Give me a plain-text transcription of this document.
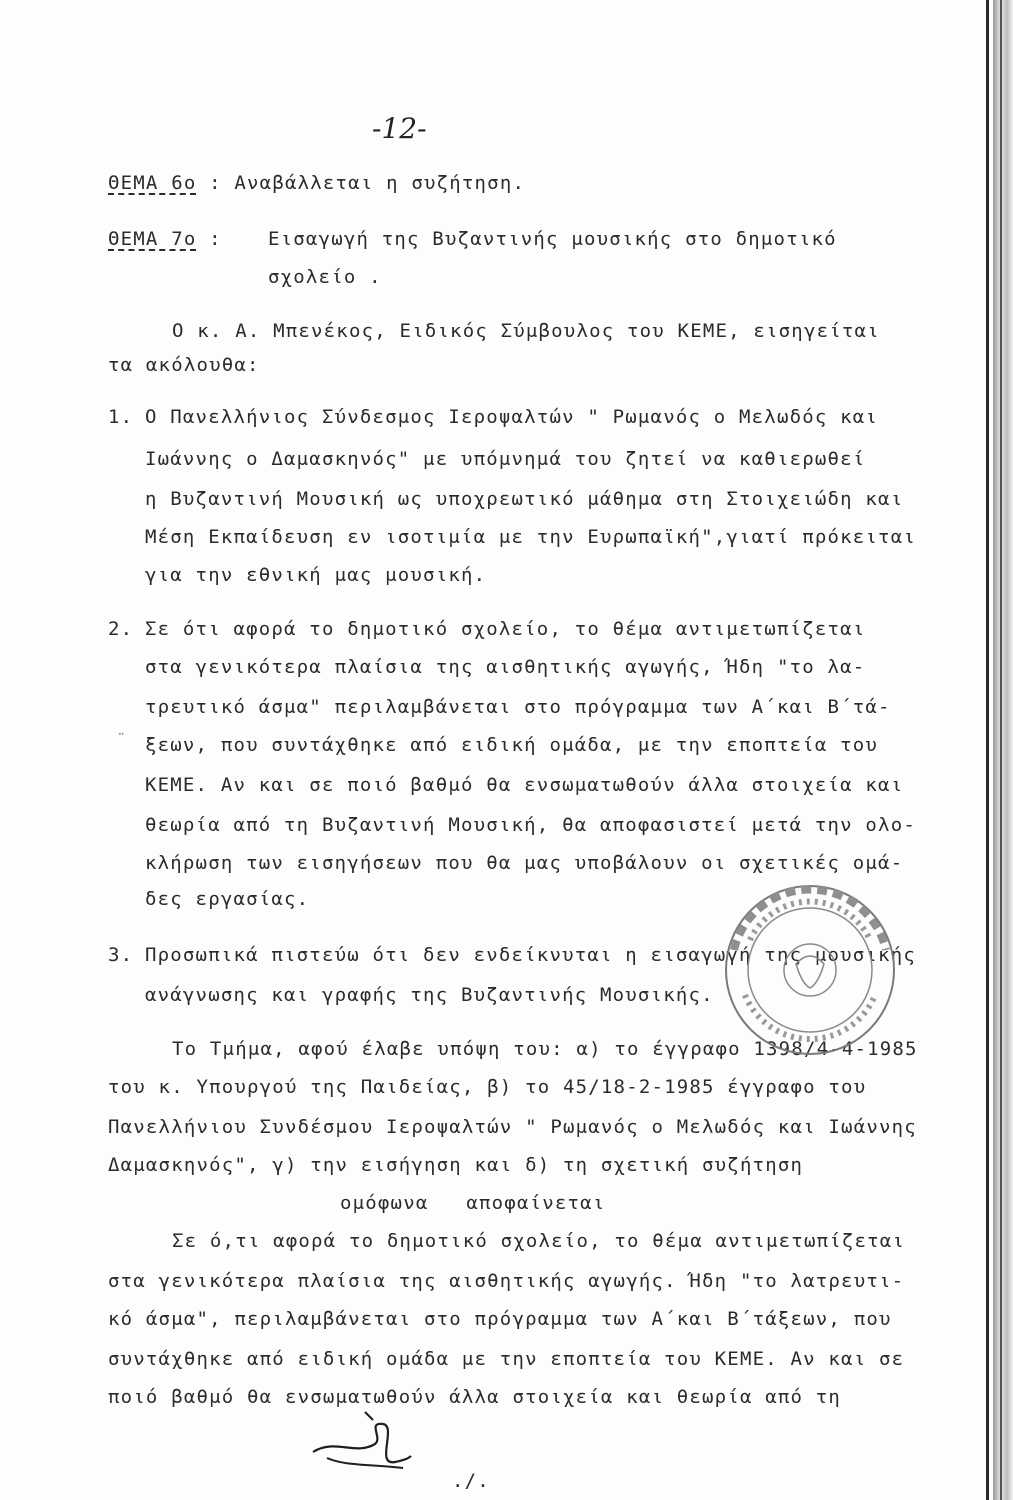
-12-
ΘΕΜΑ 6ο : Αναβάλλεται η συζήτηση.
ΘΕΜΑ 7ο : Εισαγωγή της Βυζαντινής μουσικής στο δημοτικό
σχολείο .
Ο κ. Α. Μπενέκος, Ειδικός Σύμβουλος του ΚΕΜΕ, εισηγείται
τα ακόλουθα:
1. Ο Πανελλήνιος Σύνδεσμος Ιεροψαλτών " Ρωμανός ο Μελωδός και
Ιωάννης ο Δαμασκηνός" με υπόμνημά του ζητεί να καθιερωθεί
η Βυζαντινή Μουσική ως υποχρεωτικό μάθημα στη Στοιχειώδη και
Μέση Εκπαίδευση εν ισοτιμία με την Ευρωπαϊκή",γιατί πρόκειται
για την εθνική μας μουσική.
2. Σε ότι αφορά το δημοτικό σχολείο, το θέμα αντιμετωπίζεται
στα γενικότερα πλαίσια της αισθητικής αγωγής, Ήδη "το λα-
τρευτικό άσμα" περιλαμβάνεται στο πρόγραμμα των Α΄και Β΄τά-
¨ ξεων, που συντάχθηκε από ειδική ομάδα, με την εποπτεία του
ΚΕΜΕ. Αν και σε ποιό βαθμό θα ενσωματωθούν άλλα στοιχεία και
θεωρία από τη Βυζαντινή Μουσική, θα αποφασιστεί μετά την ολο-
κλήρωση των εισηγήσεων που θα μας υποβάλουν οι σχετικές ομά-
δες εργασίας.
3. Προσωπικά πιστεύω ότι δεν ενδείκνυται η εισαγωγή της μουσικής
ανάγνωσης και γραφής της Βυζαντινής Μουσικής.
Το Τμήμα, αφού έλαβε υπόψη του: α) το έγγραφο 1398/4-4-1985
του κ. Υπουργού της Παιδείας, β) το 45/18-2-1985 έγγραφο του
Πανελλήνιου Συνδέσμου Ιεροψαλτών " Ρωμανός ο Μελωδός και Ιωάννης
Δαμασκηνός", γ) την εισήγηση και δ) τη σχετική συζήτηση
ομόφωνα   αποφαίνεται
Σε ό,τι αφορά το δημοτικό σχολείο, το θέμα αντιμετωπίζεται
στα γενικότερα πλαίσια της αισθητικής αγωγής. Ήδη "το λατρευτι-
κό άσμα", περιλαμβάνεται στο πρόγραμμα των Α΄και Β΄τάξεων, που
συντάχθηκε από ειδική ομάδα με την εποπτεία του ΚΕΜΕ. Αν και σε
ποιό βαθμό θα ενσωματωθούν άλλα στοιχεία και θεωρία από τη
./.
